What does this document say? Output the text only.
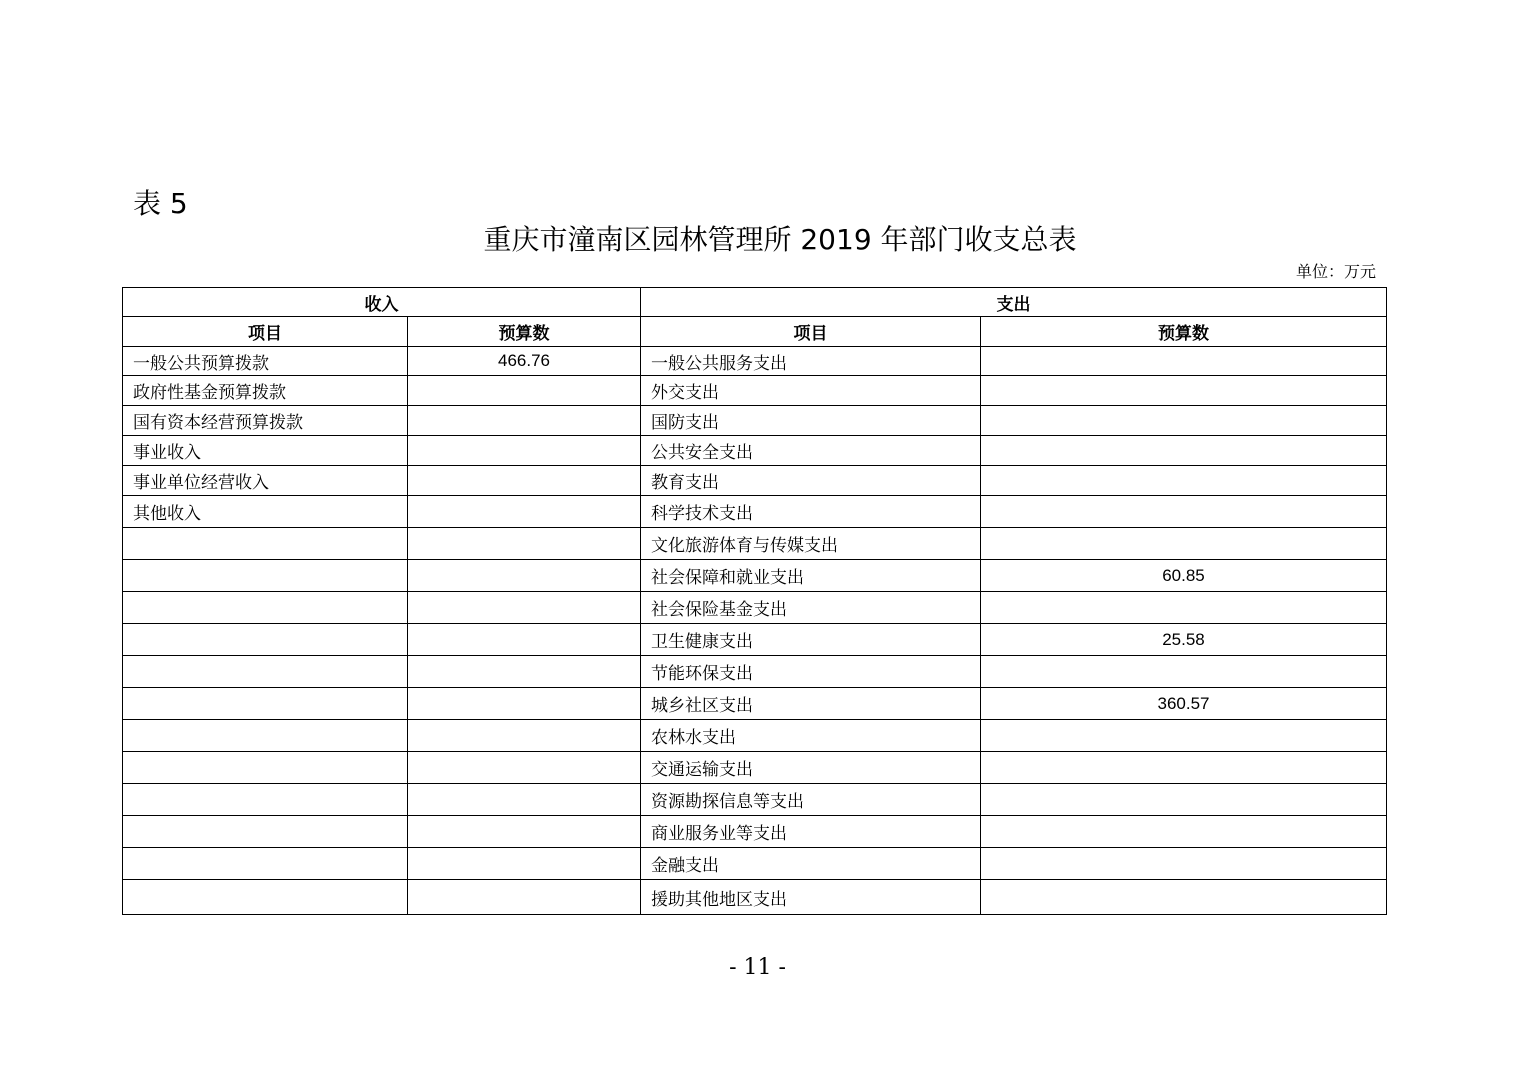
表 5
重庆市潼南区园林管理所 2019 年部门收支总表
单位：万元
收入		支出	
项目	预算数	项目	预算数
一般公共预算拨款	466.76	一般公共服务支出	
政府性基金预算拨款		外交支出	
国有资本经营预算拨款		国防支出	
事业收入		公共安全支出	
事业单位经营收入		教育支出	
其他收入		科学技术支出	
		文化旅游体育与传媒支出	
		社会保障和就业支出	60.85
		社会保险基金支出	
		卫生健康支出	25.58
		节能环保支出	
		城乡社区支出	360.57
		农林水支出	
		交通运输支出	
		资源勘探信息等支出	
		商业服务业等支出	
		金融支出	
		援助其他地区支出	
- 11 -
